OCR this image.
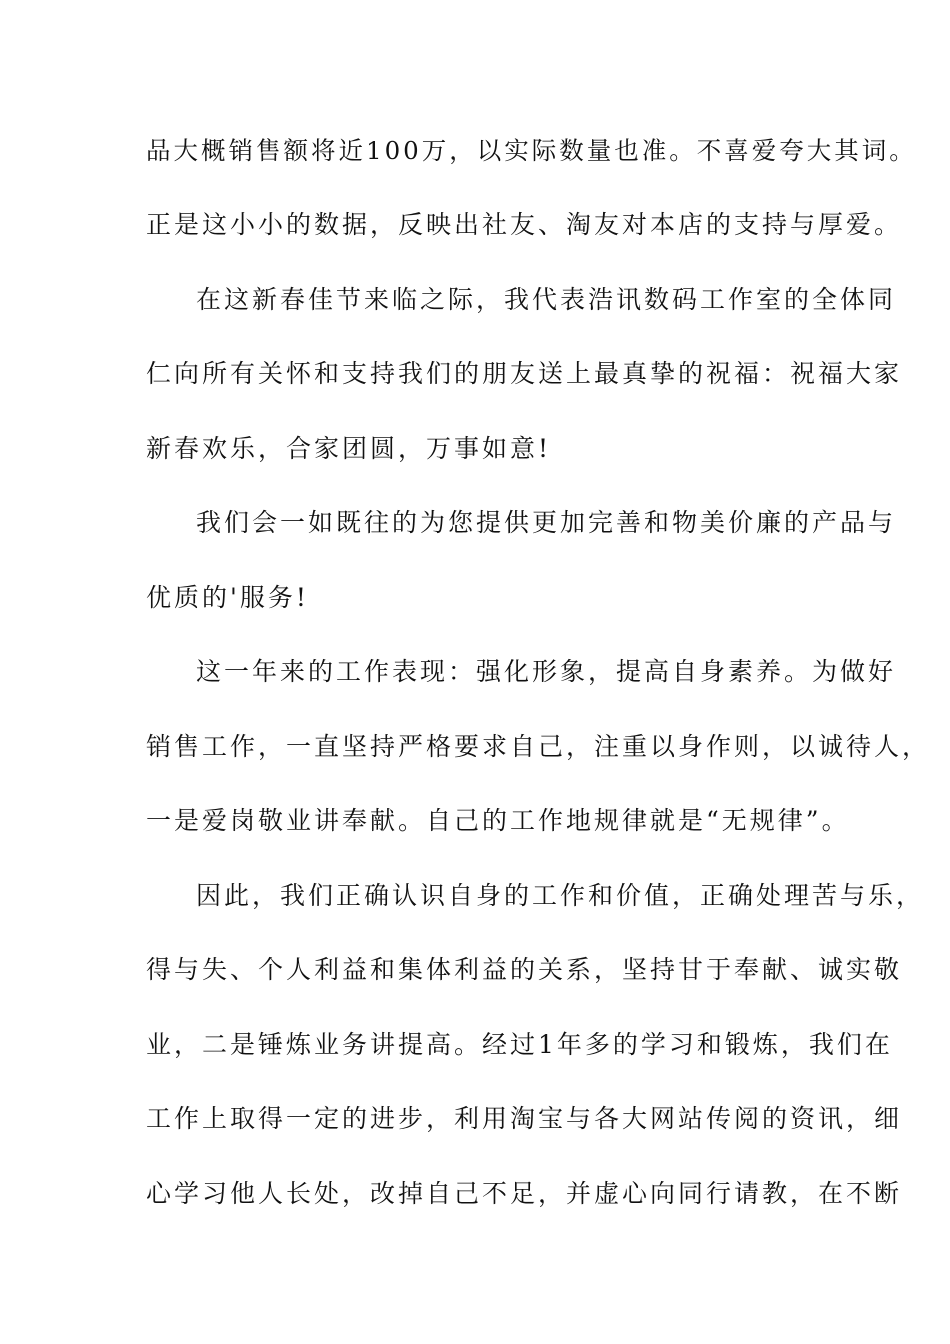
品大概销售额将近100万，以实际数量也准。不喜爱夸大其词。
正是这小小的数据，反映出社友、淘友对本店的支持与厚爱。
在这新春佳节来临之际，我代表浩讯数码工作室的全体同
仁向所有关怀和支持我们的朋友送上最真挚的祝福：祝福大家
新春欢乐，合家团圆，万事如意!
我们会一如既往的为您提供更加完善和物美价廉的产品与
优质的'服务!
这一年来的工作表现：强化形象，提高自身素养。为做好
销售工作，一直坚持严格要求自己，注重以身作则，以诚待人，
一是爱岗敬业讲奉献。自己的工作地规律就是“无规律”。
因此，我们正确认识自身的工作和价值，正确处理苦与乐，
得与失、个人利益和集体利益的关系，坚持甘于奉献、诚实敬
业，二是锤炼业务讲提高。经过1年多的学习和锻炼，我们在
工作上取得一定的进步，利用淘宝与各大网站传阅的资讯，细
心学习他人长处，改掉自己不足，并虚心向同行请教，在不断
